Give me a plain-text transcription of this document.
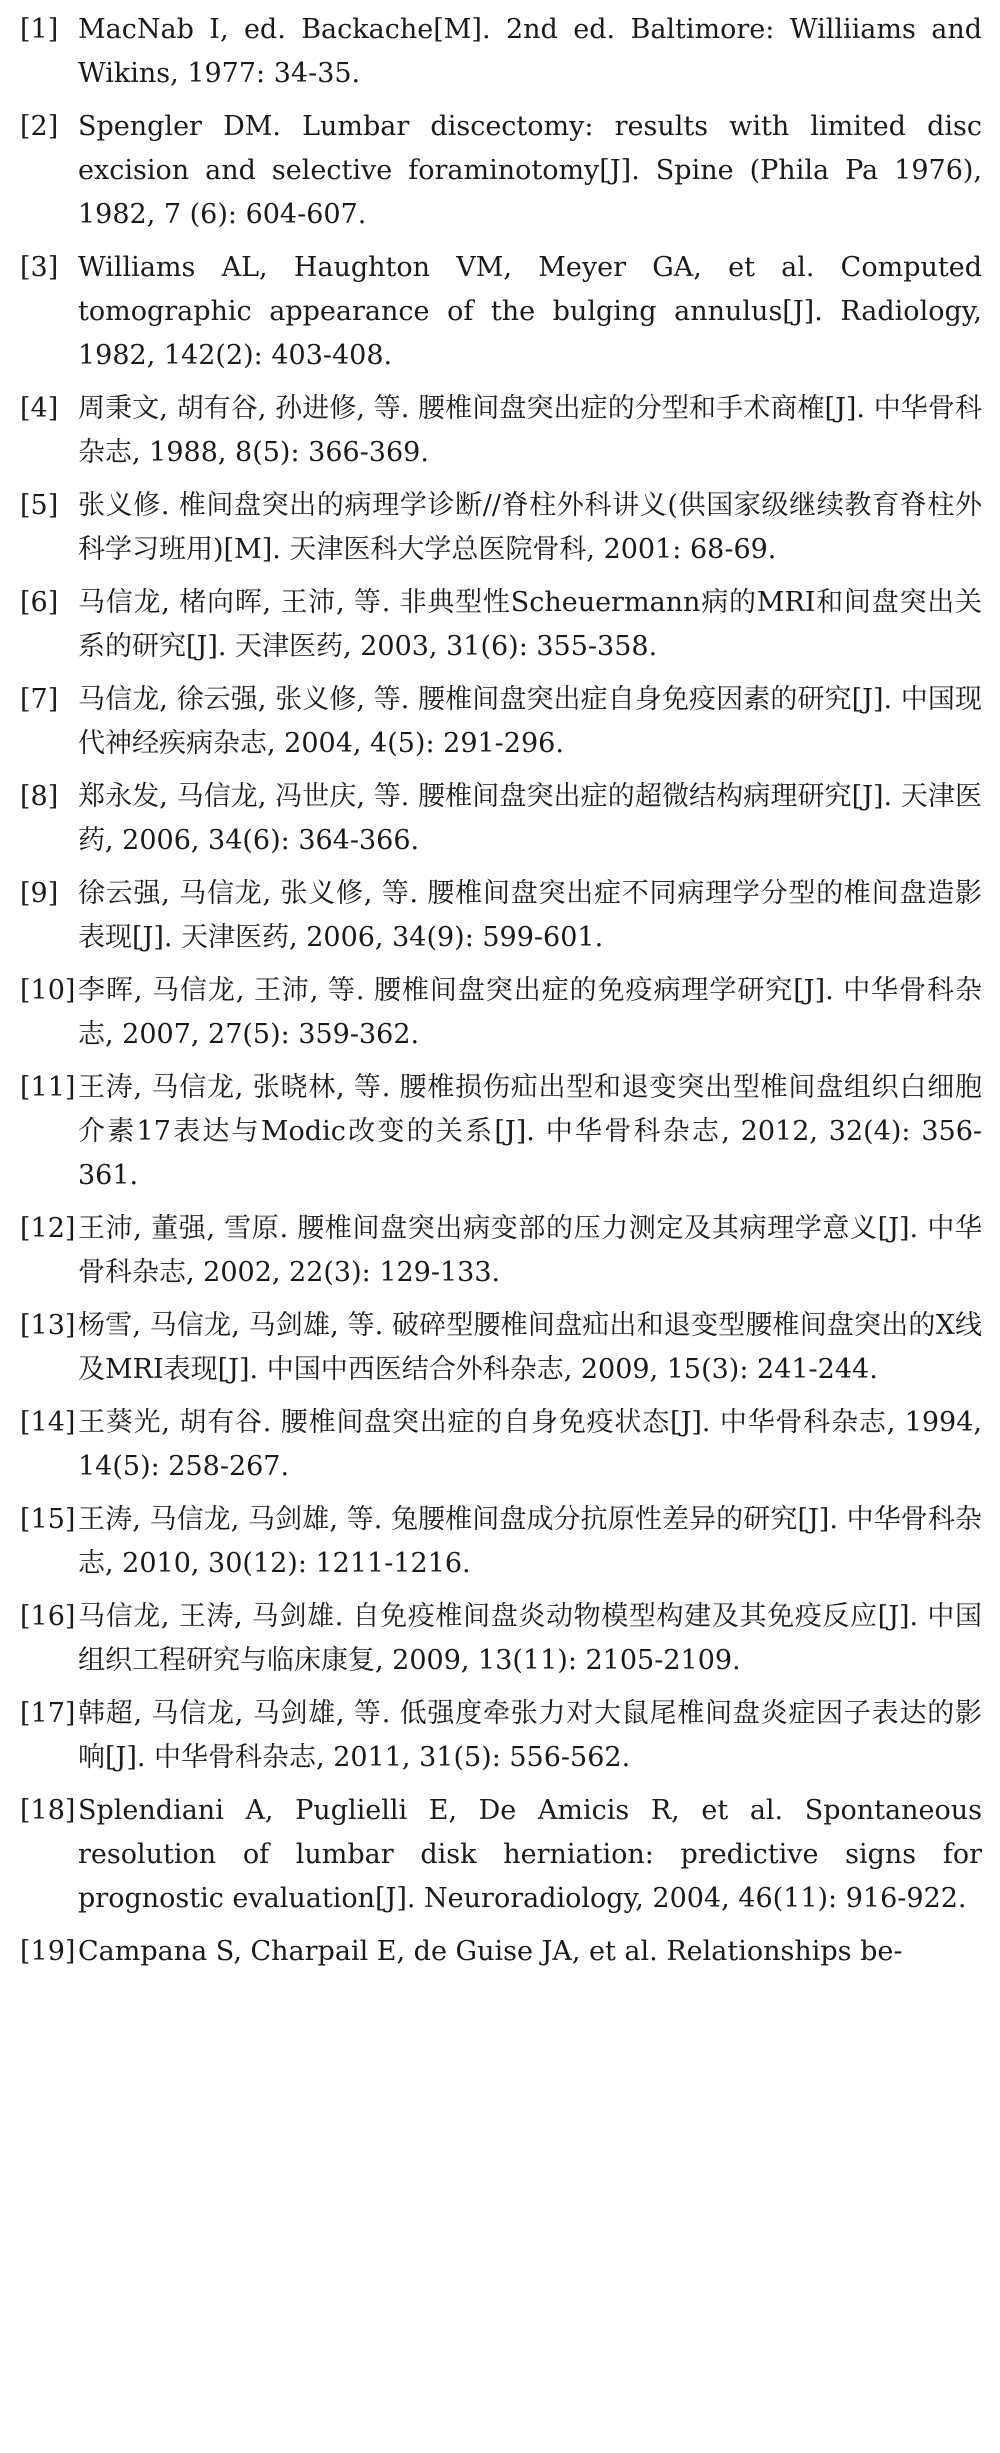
[1] MacNab I, ed. Backache[M]. 2nd ed. Baltimore: Williiams and Wikins, 1977: 34-35.
[2] Spengler DM. Lumbar discectomy: results with limited disc excision and selective foraminotomy[J]. Spine (Phila Pa 1976), 1982, 7 (6): 604-607.
[3] Williams AL, Haughton VM, Meyer GA, et al. Computed tomographic appearance of the bulging annulus[J]. Radiology, 1982, 142(2): 403-408.
[4] 周秉文, 胡有谷, 孙进修, 等. 腰椎间盘突出症的分型和手术商榷[J]. 中华骨科杂志, 1988, 8(5): 366-369.
[5] 张义修. 椎间盘突出的病理学诊断//脊柱外科讲义(供国家级继续教育脊柱外科学习班用)[M]. 天津医科大学总医院骨科, 2001: 68-69.
[6] 马信龙, 楮向晖, 王沛, 等. 非典型性Scheuermann病的MRI和间盘突出关系的研究[J]. 天津医药, 2003, 31(6): 355-358.
[7] 马信龙, 徐云强, 张义修, 等. 腰椎间盘突出症自身免疫因素的研究[J]. 中国现代神经疾病杂志, 2004, 4(5): 291-296.
[8] 郑永发, 马信龙, 冯世庆, 等. 腰椎间盘突出症的超微结构病理研究[J]. 天津医药, 2006, 34(6): 364-366.
[9] 徐云强, 马信龙, 张义修, 等. 腰椎间盘突出症不同病理学分型的椎间盘造影表现[J]. 天津医药, 2006, 34(9): 599-601.
[10] 李晖, 马信龙, 王沛, 等. 腰椎间盘突出症的免疫病理学研究[J]. 中华骨科杂志, 2007, 27(5): 359-362.
[11] 王涛, 马信龙, 张晓林, 等. 腰椎损伤疝出型和退变突出型椎间盘组织白细胞介素17表达与Modic改变的关系[J]. 中华骨科杂志, 2012, 32(4): 356-361.
[12] 王沛, 董强, 雪原. 腰椎间盘突出病变部的压力测定及其病理学意义[J]. 中华骨科杂志, 2002, 22(3): 129-133.
[13] 杨雪, 马信龙, 马剑雄, 等. 破碎型腰椎间盘疝出和退变型腰椎间盘突出的X线及MRI表现[J]. 中国中西医结合外科杂志, 2009, 15(3): 241-244.
[14] 王葵光, 胡有谷. 腰椎间盘突出症的自身免疫状态[J]. 中华骨科杂志, 1994, 14(5): 258-267.
[15] 王涛, 马信龙, 马剑雄, 等. 兔腰椎间盘成分抗原性差异的研究[J]. 中华骨科杂志, 2010, 30(12): 1211-1216.
[16] 马信龙, 王涛, 马剑雄. 自免疫椎间盘炎动物模型构建及其免疫反应[J]. 中国组织工程研究与临床康复, 2009, 13(11): 2105-2109.
[17] 韩超, 马信龙, 马剑雄, 等. 低强度牵张力对大鼠尾椎间盘炎症因子表达的影响[J]. 中华骨科杂志, 2011, 31(5): 556-562.
[18] Splendiani A, Puglielli E, De Amicis R, et al. Spontaneous resolution of lumbar disk herniation: predictive signs for prognostic evaluation[J]. Neuroradiology, 2004, 46(11): 916-922.
[19] Campana S, Charpail E, de Guise JA, et al. Relationships be-
